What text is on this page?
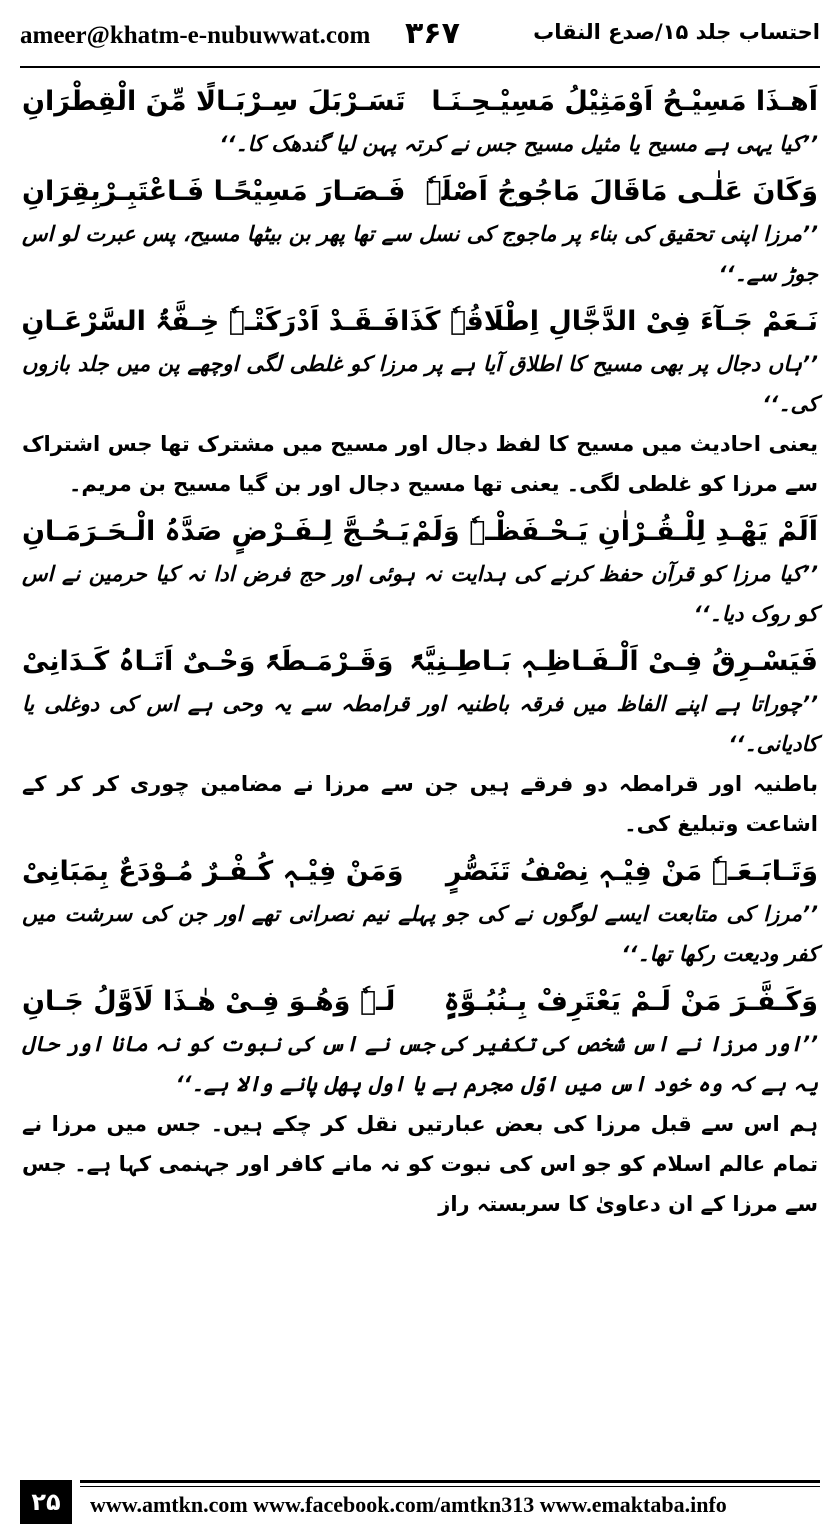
ameer@khatm-e-nubuwwat.com ۳۶۷	احتساب جلد ۱۵/صدع النقاب
اَھـذَا مَسِیْـحُ اَوْمَثِیْلُ مَسِیْـحِـنَـا
تَسَـرْبَلَ سِـرْبَـالًا مِّنَ الْقِطْرَانِ

’’کیا یہی ہے مسیح یا مثیل مسیح جس نے کرتہ پہن لیا گندھک کا۔‘‘

وَکَانَ عَلٰـی مَاقَالَ مَاجُوجُ اَصْلَہٗ
فَـصَـارَ مَسِیْحًـا فَـاعْتَبِـرْبِقِرَانِ

’’مرزا اپنی تحقیق کی بناء پر ماجوج کی نسل سے تھا پھر بن بیٹھا مسیح، پس عبرت لو اس جوڑ سے۔‘‘

نَـعَمْ جَـآءَ فِیْ الدَّجَّالِ اِطْلَاقُہٗ کَذَا
فَـقَـدْ اَدْرَکَتْـہٗ خِـفَّۃُ السَّرْعَـانِ

’’ہاں دجال پر بھی مسیح کا اطلاق آیا ہے پر مرزا کو غلطی لگی اوچھے پن میں جلد بازوں کی۔‘‘

یعنی احادیث میں مسیح کا لفظ دجال اور مسیح میں مشترک تھا جس اشتراک سے مرزا کو غلطی لگی۔ یعنی تھا مسیح دجال اور بن گیا مسیح بن مریم۔

اَلَمْ یَھْـدِ لِلْـقُـرْاٰنِ یَـحْـفَظْـہٗ وَلَمْ
یَـحُـجَّ لِـفَـرْضٍ صَدَّہُ الْـحَـرَمَـانِ

’’کیا مرزا کو قرآن حفظ کرنے کی ہدایت نہ ہوئی اور حج فرض ادا نہ کیا حرمین نے اس کو روک دیا۔‘‘

فَیَسْـرِقُ فِـیْ اَلْـفَـاظِـہٖ بَـاطِـنِیَّۃً
وَقَـرْمَـطَۃً وَحْـیٌ اَتَـاہُ کَـدَانِیْ

’’چوراتا ہے اپنے الفاظ میں فرقہ باطنیہ اور قرامطہ سے یہ وحی ہے اس کی دوغلی یا کادیانی۔‘‘

باطنیہ اور قرامطہ دو فرقے ہیں جن سے مرزا نے مضامین چوری کر کر کے اشاعت وتبلیغ کی۔

وَتَـابَـعَـہٗ مَنْ فِیْـہٖ نِصْفُ تَنَصُّرٍ
وَمَنْ فِیْـہٖ کُـفْـرٌ مُـوْدَعٌ بِمَبَانِیْ

’’مرزا کی متابعت ایسے لوگوں نے کی جو پہلے نیم نصرانی تھے اور جن کی سرشت میں کفر ودیعت رکھا تھا۔‘‘

وَکَـفَّـرَ مَنْ لَـمْ یَعْتَرِفْ بِـنُبُـوَّۃٍ
لَـہٗ وَھُـوَ فِـیْ ھٰـذَا لَاَوَّلُ جَـانِ

’’اور مرزا نے اس شخص کی تکفیر کی جس نے اس کی نبوت کو نہ مانا اور حال یہ ہے کہ وہ خود اس میں اوّل مجرم ہے یا اول پھل پانے والا ہے۔‘‘

ہم اس سے قبل مرزا کی بعض عبارتیں نقل کر چکے ہیں۔ جس میں مرزا نے تمام عالم اسلام کو جو اس کی نبوت کو نہ مانے کافر اور جہنمی کہا ہے۔ جس سے مرزا کے ان دعاویٰ کا سربستہ راز

۲۵	www.amtkn.com www.facebook.com/amtkn313 www.emaktaba.info
